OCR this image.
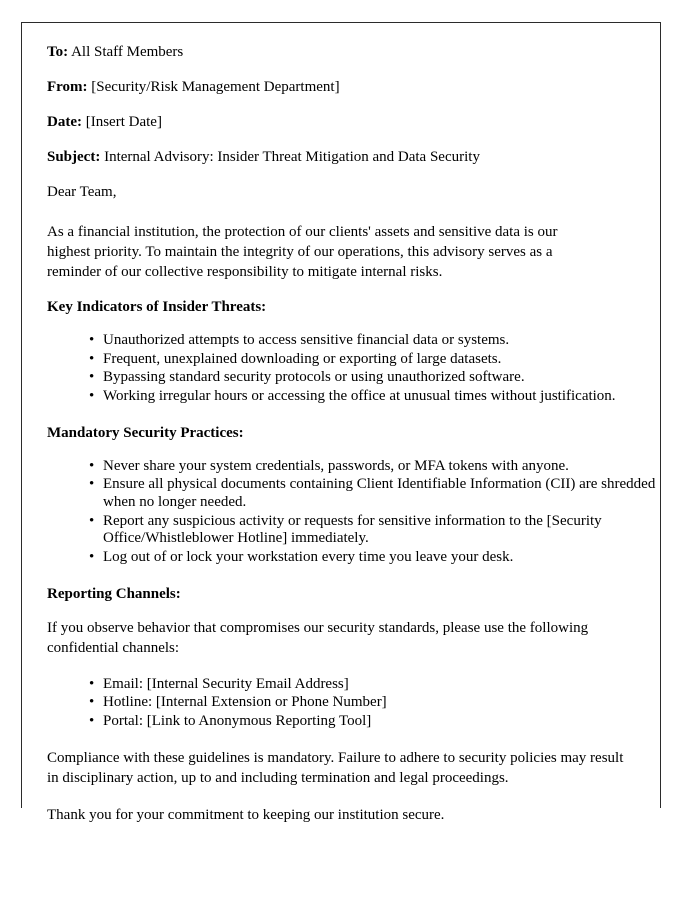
To: All Staff Members
From: [Security/Risk Management Department]
Date: [Insert Date]
Subject: Internal Advisory: Insider Threat Mitigation and Data Security

Dear Team,

As a financial institution, the protection of our clients' assets and sensitive data is our highest priority. To maintain the integrity of our operations, this advisory serves as a reminder of our collective responsibility to mitigate internal risks.

Key Indicators of Insider Threats:
• Unauthorized attempts to access sensitive financial data or systems.
• Frequent, unexplained downloading or exporting of large datasets.
• Bypassing standard security protocols or using unauthorized software.
• Working irregular hours or accessing the office at unusual times without justification.
Mandatory Security Practices:
• Never share your system credentials, passwords, or MFA tokens with anyone.
• Ensure all physical documents containing Client Identifiable Information (CII) are shredded when no longer needed.
• Report any suspicious activity or requests for sensitive information to the [Security Office/Whistleblower Hotline] immediately.
• Log out of or lock your workstation every time you leave your desk.
Reporting Channels:

If you observe behavior that compromises our security standards, please use the following confidential channels:

• Email: [Internal Security Email Address]
• Hotline: [Internal Extension or Phone Number]
• Portal: [Link to Anonymous Reporting Tool]

Compliance with these guidelines is mandatory. Failure to adhere to security policies may result in disciplinary action, up to and including termination and legal proceedings.

Thank you for your commitment to keeping our institution secure.
